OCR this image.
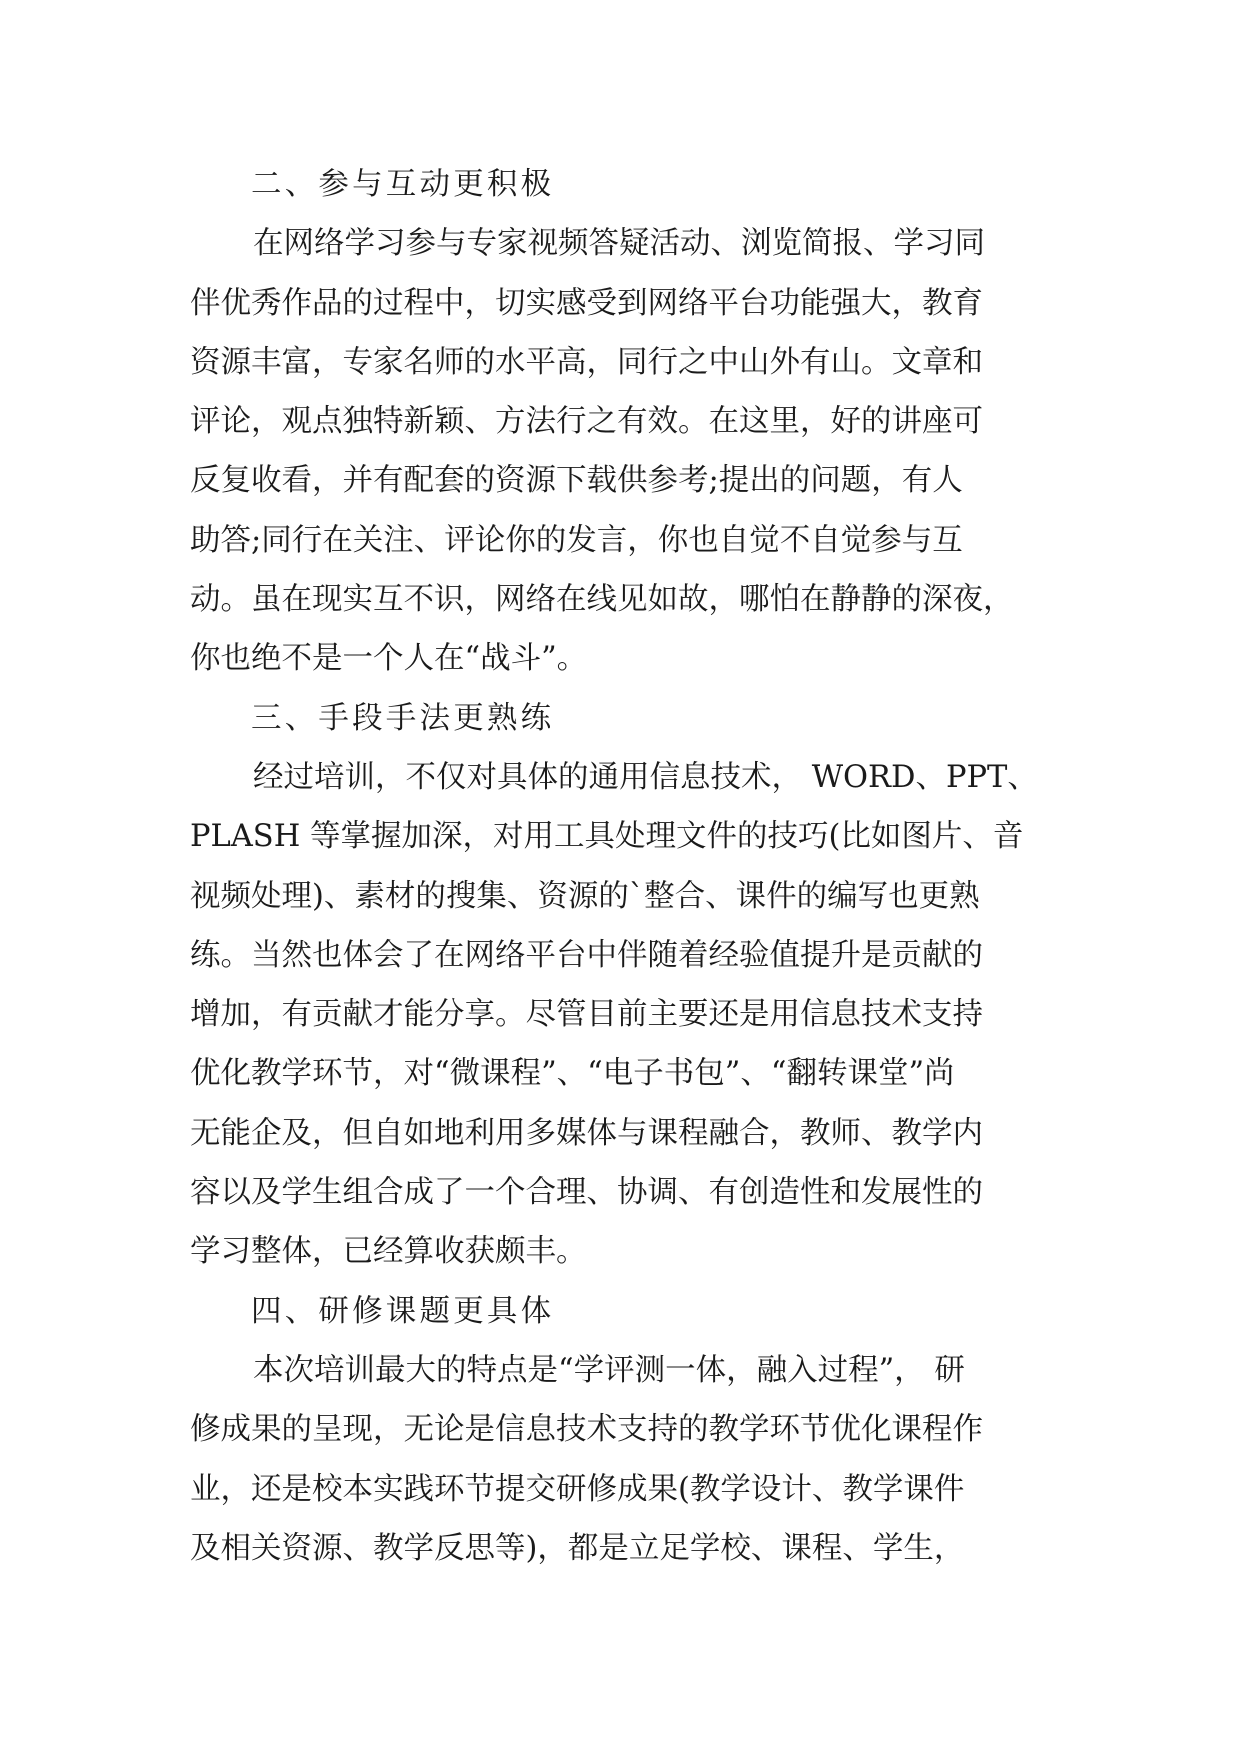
二、参与互动更积极

在网络学习参与专家视频答疑活动、浏览简报、学习同
伴优秀作品的过程中，切实感受到网络平台功能强大，教育
资源丰富，专家名师的水平高，同行之中山外有山。文章和
评论，观点独特新颖、方法行之有效。在这里，好的讲座可
反复收看，并有配套的资源下载供参考;提出的问题，有人
助答;同行在关注、评论你的发言，你也自觉不自觉参与互
动。虽在现实互不识，网络在线见如故，哪怕在静静的深夜，
你也绝不是一个人在“战斗”。

三、手段手法更熟练

经过培训，不仅对具体的通用信息技术， WORD、PPT、
PLASH 等掌握加深，对用工具处理文件的技巧(比如图片、音
视频处理)、素材的搜集、资源的`整合、课件的编写也更熟
练。当然也体会了在网络平台中伴随着经验值提升是贡献的
增加，有贡献才能分享。尽管目前主要还是用信息技术支持
优化教学环节，对“微课程”、“电子书包”、“翻转课堂”尚
无能企及，但自如地利用多媒体与课程融合，教师、教学内
容以及学生组合成了一个合理、协调、有创造性和发展性的
学习整体，已经算收获颇丰。

四、研修课题更具体

本次培训最大的特点是“学评测一体，融入过程”， 研
修成果的呈现，无论是信息技术支持的教学环节优化课程作
业，还是校本实践环节提交研修成果(教学设计、教学课件
及相关资源、教学反思等)，都是立足学校、课程、学生，
